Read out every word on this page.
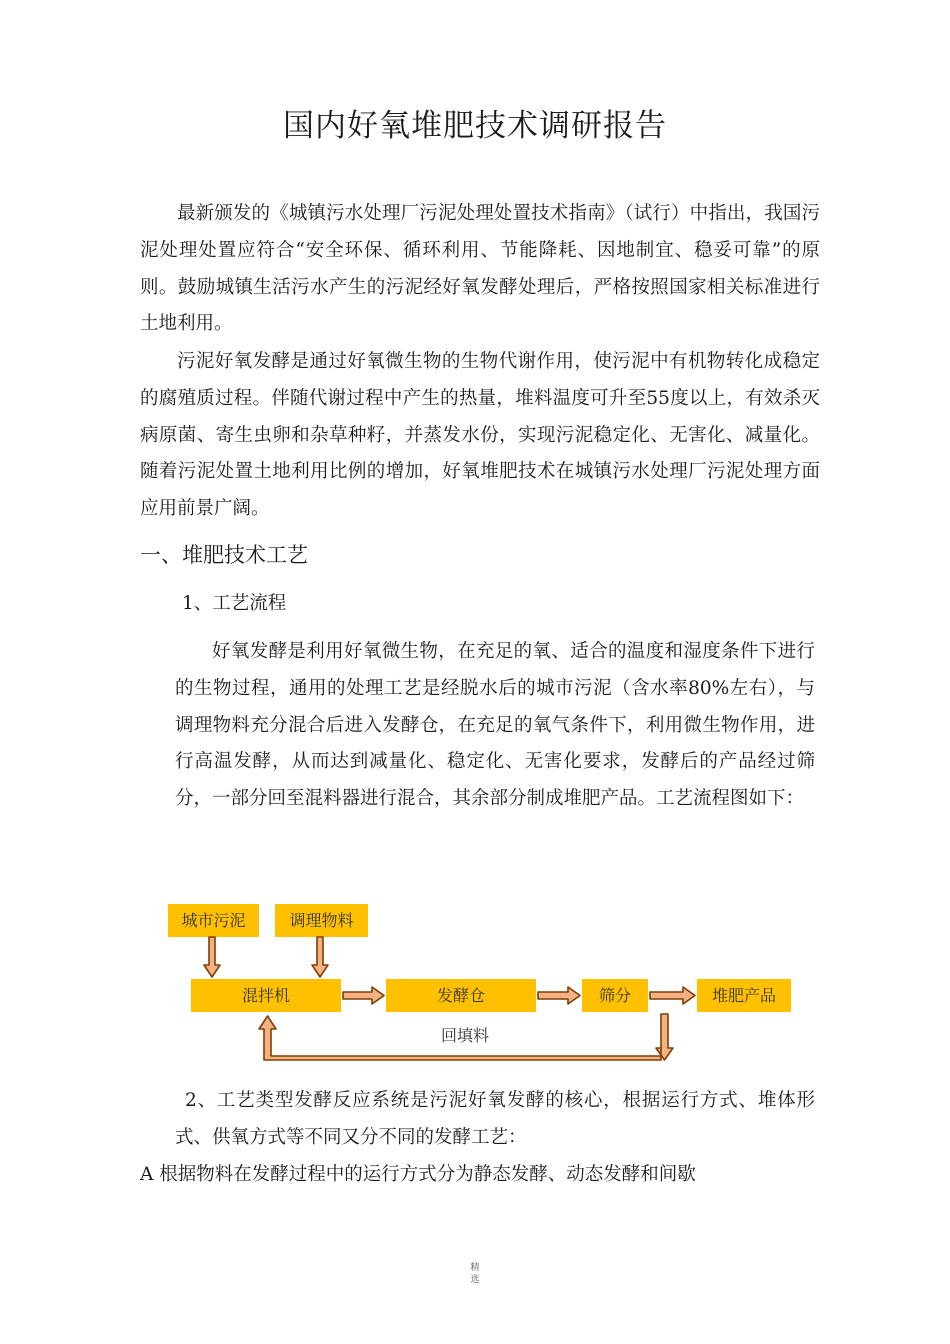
国内好氧堆肥技术调研报告

最新颁发的《城镇污水处理厂污泥处理处置技术指南》（试行）中指出，我国污泥处理处置应符合“安全环保、循环利用、节能降耗、因地制宜、稳妥可靠”的原则。鼓励城镇生活污水产生的污泥经好氧发酵处理后，严格按照国家相关标准进行土地利用。

污泥好氧发酵是通过好氧微生物的生物代谢作用，使污泥中有机物转化成稳定的腐殖质过程。伴随代谢过程中产生的热量，堆料温度可升至55度以上，有效杀灭病原菌、寄生虫卵和杂草种籽，并蒸发水份，实现污泥稳定化、无害化、减量化。随着污泥处置土地利用比例的增加，好氧堆肥技术在城镇污水处理厂污泥处理方面应用前景广阔。

一、堆肥技术工艺
1、工艺流程

好氧发酵是利用好氧微生物，在充足的氧、适合的温度和湿度条件下进行的生物过程，通用的处理工艺是经脱水后的城市污泥（含水率80%左右），与调理物料充分混合后进入发酵仓，在充足的氧气条件下，利用微生物作用，进行高温发酵，从而达到减量化、稳定化、无害化要求，发酵后的产品经过筛分，一部分回至混料器进行混合，其余部分制成堆肥产品。工艺流程图如下：

城市污泥	调理物料
混拌机	发酵仓	筛分	堆肥产品
回填料

2、工艺类型发酵反应系统是污泥好氧发酵的核心，根据运行方式、堆体形式、供氧方式等不同又分不同的发酵工艺：

A 根据物料在发酵过程中的运行方式分为静态发酵、动态发酵和间歇

精
选
